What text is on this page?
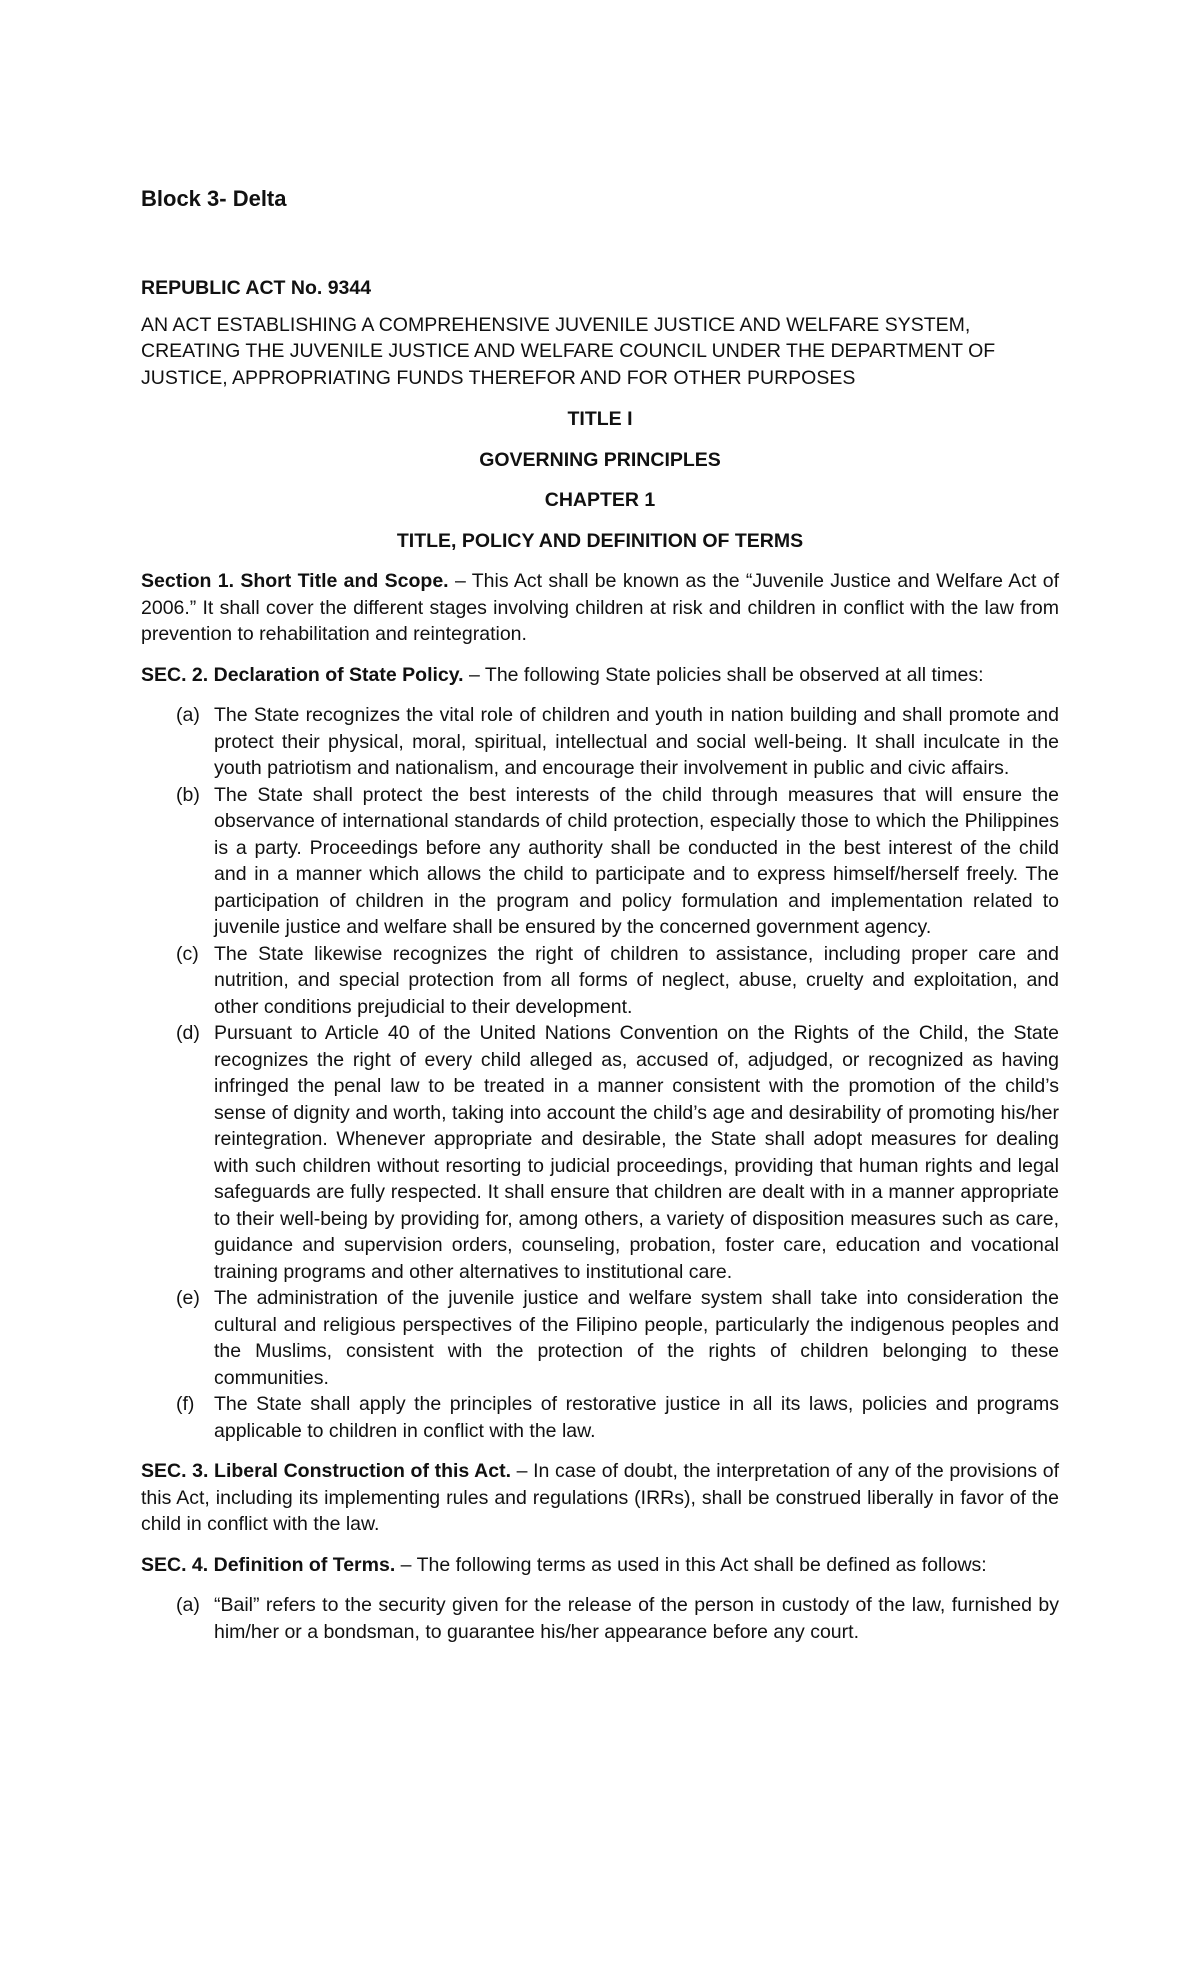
Block 3- Delta

REPUBLIC ACT No. 9344

AN ACT ESTABLISHING A COMPREHENSIVE JUVENILE JUSTICE AND WELFARE SYSTEM, CREATING THE JUVENILE JUSTICE AND WELFARE COUNCIL UNDER THE DEPARTMENT OF JUSTICE, APPROPRIATING FUNDS THEREFOR AND FOR OTHER PURPOSES

TITLE I

GOVERNING PRINCIPLES

CHAPTER 1

TITLE, POLICY AND DEFINITION OF TERMS

Section 1. Short Title and Scope. – This Act shall be known as the “Juvenile Justice and Welfare Act of 2006.” It shall cover the different stages involving children at risk and children in conflict with the law from prevention to rehabilitation and reintegration.

SEC. 2. Declaration of State Policy. – The following State policies shall be observed at all times:

(a) The State recognizes the vital role of children and youth in nation building and shall promote and protect their physical, moral, spiritual, intellectual and social well-being. It shall inculcate in the youth patriotism and nationalism, and encourage their involvement in public and civic affairs.
(b) The State shall protect the best interests of the child through measures that will ensure the observance of international standards of child protection, especially those to which the Philippines is a party. Proceedings before any authority shall be conducted in the best interest of the child and in a manner which allows the child to participate and to express himself/herself freely. The participation of children in the program and policy formulation and implementation related to juvenile justice and welfare shall be ensured by the concerned government agency.
(c) The State likewise recognizes the right of children to assistance, including proper care and nutrition, and special protection from all forms of neglect, abuse, cruelty and exploitation, and other conditions prejudicial to their development.
(d) Pursuant to Article 40 of the United Nations Convention on the Rights of the Child, the State recognizes the right of every child alleged as, accused of, adjudged, or recognized as having infringed the penal law to be treated in a manner consistent with the promotion of the child’s sense of dignity and worth, taking into account the child’s age and desirability of promoting his/her reintegration. Whenever appropriate and desirable, the State shall adopt measures for dealing with such children without resorting to judicial proceedings, providing that human rights and legal safeguards are fully respected. It shall ensure that children are dealt with in a manner appropriate to their well-being by providing for, among others, a variety of disposition measures such as care, guidance and supervision orders, counseling, probation, foster care, education and vocational training programs and other alternatives to institutional care.
(e) The administration of the juvenile justice and welfare system shall take into consideration the cultural and religious perspectives of the Filipino people, particularly the indigenous peoples and the Muslims, consistent with the protection of the rights of children belonging to these communities.
(f)	The State shall apply the principles of restorative justice in all its laws, policies and programs applicable to children in conflict with the law.

SEC. 3. Liberal Construction of this Act. – In case of doubt, the interpretation of any of the provisions of this Act, including its implementing rules and regulations (IRRs), shall be construed liberally in favor of the child in conflict with the law.

SEC. 4. Definition of Terms. – The following terms as used in this Act shall be defined as follows:

(a) “Bail” refers to the security given for the release of the person in custody of the law, furnished by him/her or a bondsman, to guarantee his/her appearance before any court.
